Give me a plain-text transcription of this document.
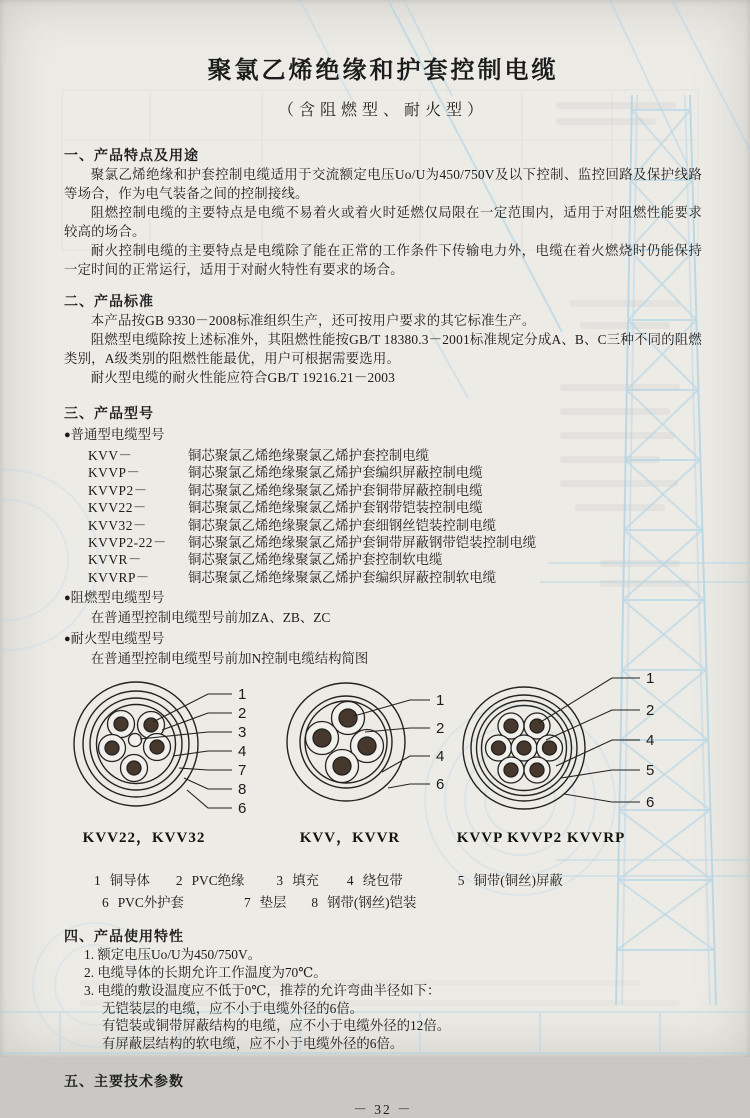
聚氯乙烯绝缘和护套控制电缆
（含阻燃型、耐火型）
一、产品特点及用途

聚氯乙烯绝缘和护套控制电缆适用于交流额定电压Uo/U为450/750V及以下控制、监控回路及保护线路等场合，作为电气装备之间的控制接线。

阻燃控制电缆的主要特点是电缆不易着火或着火时延燃仅局限在一定范围内，适用于对阻燃性能要求较高的场合。

耐火控制电缆的主要特点是电缆除了能在正常的工作条件下传输电力外，电缆在着火燃烧时仍能保持一定时间的正常运行，适用于对耐火特性有要求的场合。

二、产品标准

本产品按GB 9330－2008标准组织生产，还可按用户要求的其它标准生产。

阻燃型电缆除按上述标准外，其阻燃性能按GB/T 18380.3－2001标准规定分成A、B、C三种不同的阻燃类别，A级类别的阻燃性能最优，用户可根据需要选用。

耐火型电缆的耐火性能应符合GB/T 19216.21－2003

三、产品型号
●普通型电缆型号
KVV－	铜芯聚氯乙烯绝缘聚氯乙烯护套控制电缆
KVVP－	铜芯聚氯乙烯绝缘聚氯乙烯护套编织屏蔽控制电缆
KVVP2－	铜芯聚氯乙烯绝缘聚氯乙烯护套铜带屏蔽控制电缆
KVV22－	铜芯聚氯乙烯绝缘聚氯乙烯护套钢带铠装控制电缆
KVV32－	铜芯聚氯乙烯绝缘聚氯乙烯护套细钢丝铠装控制电缆
KVVP2-22－	铜芯聚氯乙烯绝缘聚氯乙烯护套铜带屏蔽钢带铠装控制电缆
KVVR－	铜芯聚氯乙烯绝缘聚氯乙烯护套控制软电缆
KVVRP－	铜芯聚氯乙烯绝缘聚氯乙烯护套编织屏蔽控制软电缆
●阻燃型电缆型号
在普通型控制电缆型号前加ZA、ZB、ZC
●耐火型电缆型号
在普通型控制电缆型号前加N控制电缆结构简图
1
2
3
4
7
8
6
KVV22，KVV32
1
2
4
6
KVV，KVVR
1
2
4
5
6
KVVP KVVP2 KVVRP
1 铜导体 2 PVC绝缘 3 填充 4 绕包带	5 铜带(铜丝)屏蔽
6 PVC外护套	7 垫层 8 钢带(钢丝)铠装
四、产品使用特性
1. 额定电压Uo/U为450/750V。
2. 电缆导体的长期允许工作温度为70℃。
3. 电缆的敷设温度应不低于0℃，推荐的允许弯曲半径如下：
无铠装层的电缆，应不小于电缆外径的6倍。
有铠装或铜带屏蔽结构的电缆，应不小于电缆外径的12倍。
有屏蔽层结构的软电缆，应不小于电缆外径的6倍。
五、主要技术参数
－ 32 －
